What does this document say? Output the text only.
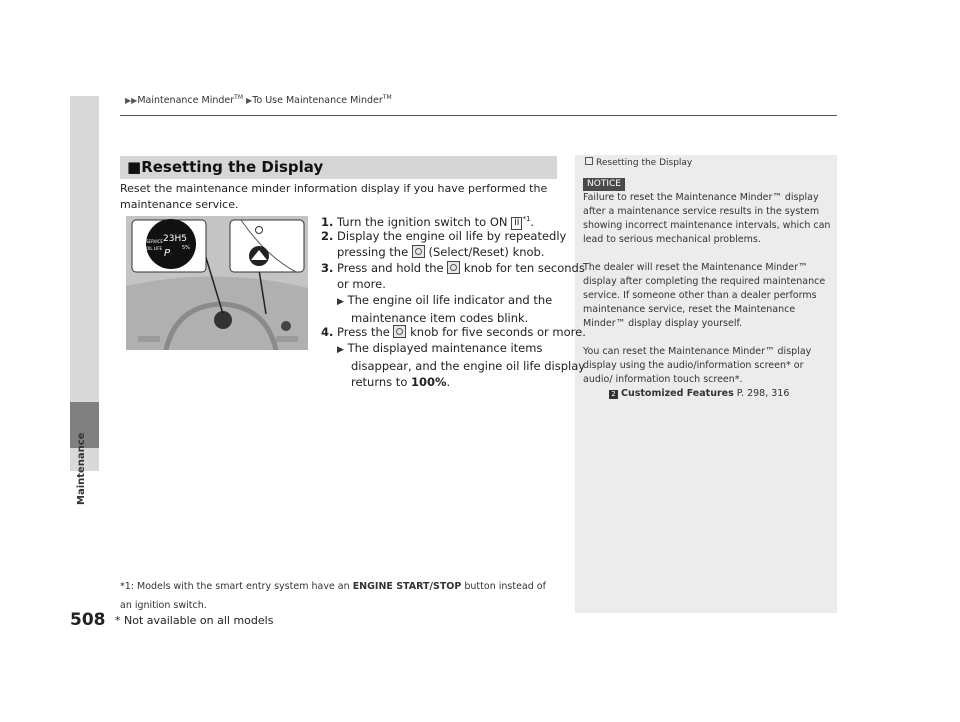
Maintenance
508
▶▶Maintenance Minder™ ▶To Use Maintenance Minder™
Resetting the Display
NOTICE

Failure to reset the Maintenance Minder™ display after a maintenance service results in the system showing incorrect maintenance intervals, which can lead to serious mechanical problems.

The dealer will reset the Maintenance Minder™ display after completing the required maintenance service. If someone other than a dealer performs maintenance service, reset the Maintenance Minder™ display display yourself.

You can reset the Maintenance Minder™ display display using the audio/information screen* or audio/ information touch screen*.

2 Customized Features P. 298, 316
■Resetting the Display
Reset the maintenance minder information display if you have performed the maintenance service.
SERVICE
OIL LIFE
23H5
5%
P
1. Turn the ignition switch to ON II $^{*1}$.
2. Display the engine oil life by repeatedly
pressing the (Select/Reset) knob.
3. Press and hold the knob for ten seconds
or more.
▶ The engine oil life indicator and the
maintenance item codes blink.
4. Press the knob for five seconds or more.
▶ The displayed maintenance items
disappear, and the engine oil life display
returns to 100%.
*1: Models with the smart entry system have an ENGINE START/STOP button instead of an ignition switch.
* Not available on all models
